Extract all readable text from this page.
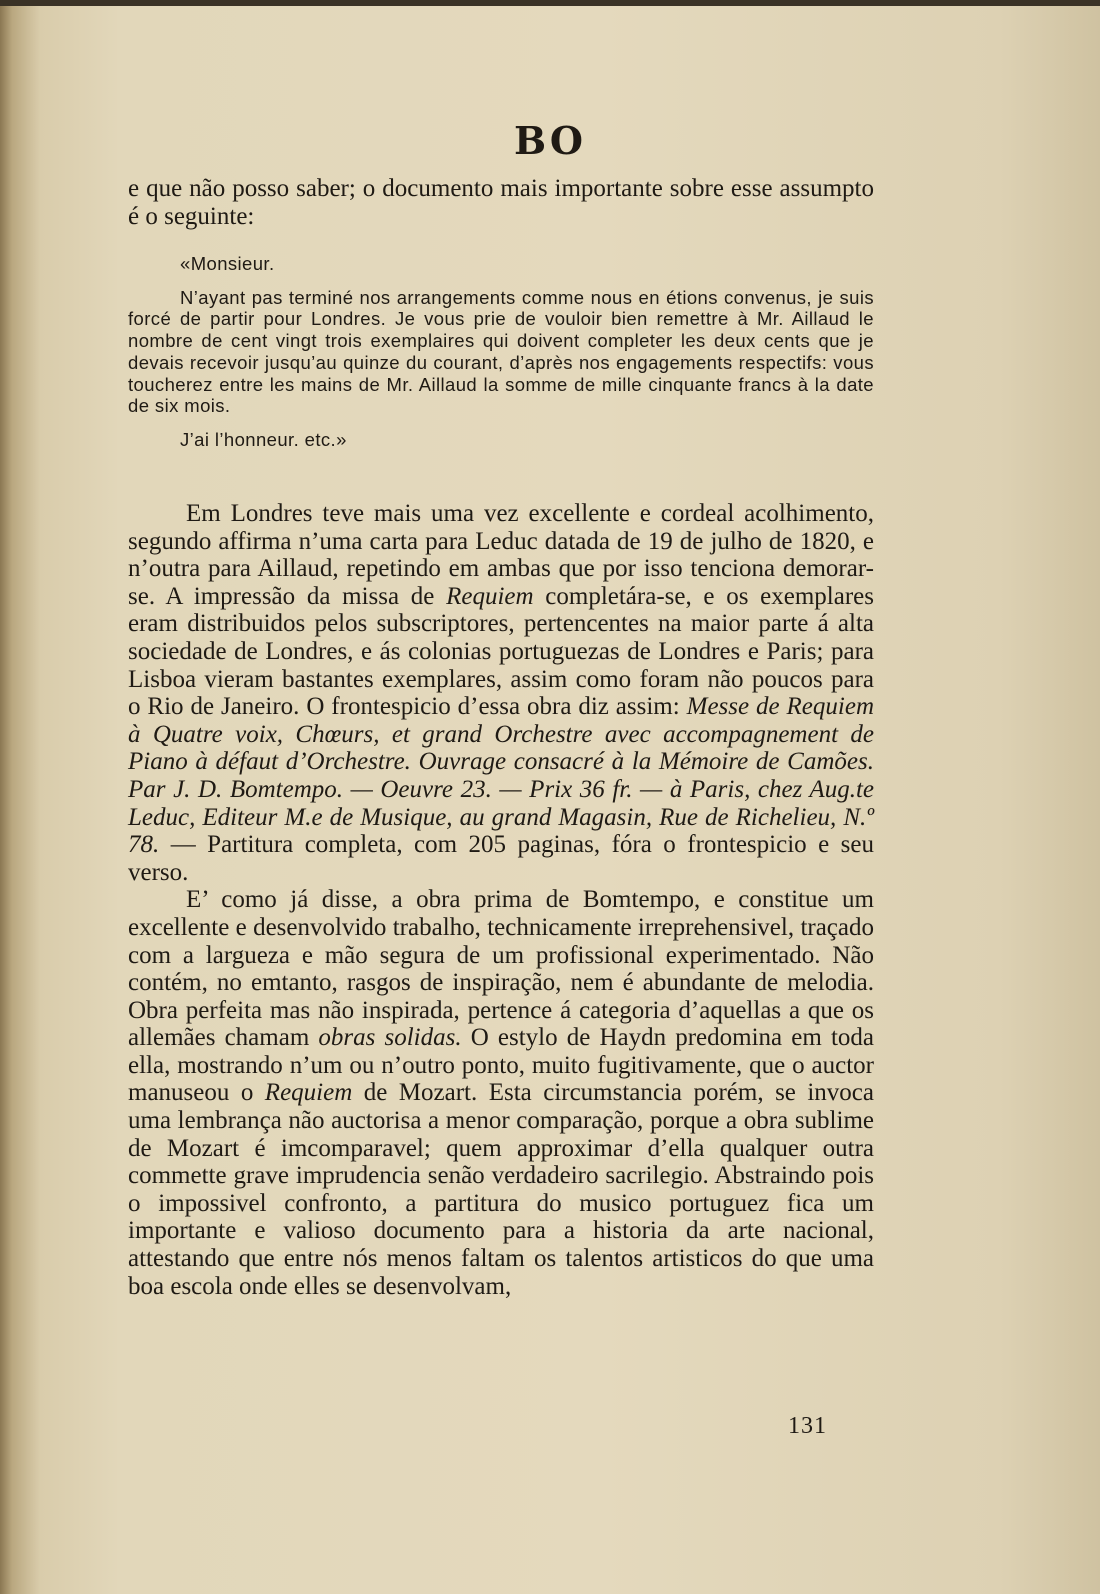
BO

e que não posso saber; o documento mais importante sobre esse assumpto é o seguinte:

«Monsieur.

N’ayant pas terminé nos arrangements comme nous en étions convenus, je suis forcé de partir pour Londres. Je vous prie de vouloir bien remettre à Mr. Aillaud le nombre de cent vingt trois exemplaires qui doivent completer les deux cents que je devais recevoir jusqu’au quinze du courant, d’après nos engagements respectifs: vous toucherez entre les mains de Mr. Aillaud la somme de mille cinquante francs à la date de six mois.

J’ai l’honneur. etc.»

Em Londres teve mais uma vez excellente e cordeal acolhimento, segundo affirma n’uma carta para Leduc datada de 19 de julho de 1820, e n’outra para Aillaud, repetindo em ambas que por isso tenciona demorar-se. A impressão da missa de Requiem completára-se, e os exemplares eram distribuidos pelos subscriptores, pertencentes na maior parte á alta sociedade de Londres, e ás colonias portuguezas de Londres e Paris; para Lisboa vieram bastantes exemplares, assim como foram não poucos para o Rio de Janeiro. O frontespicio d’essa obra diz assim: Messe de Requiem à Quatre voix, Chœurs, et grand Orchestre avec accompagnement de Piano à défaut d’Orchestre. Ouvrage consacré à la Mémoire de Camões. Par J. D. Bomtempo. — Oeuvre 23. — Prix 36 fr. — à Paris, chez Aug.te Leduc, Editeur M.e de Musique, au grand Magasin, Rue de Richelieu, N.º 78. — Partitura completa, com 205 paginas, fóra o frontespicio e seu verso.

E’ como já disse, a obra prima de Bomtempo, e constitue um excellente e desenvolvido trabalho, technicamente irreprehensivel, traçado com a largueza e mão segura de um profissional experimentado. Não contém, no emtanto, rasgos de inspiração, nem é abundante de melodia. Obra perfeita mas não inspirada, pertence á categoria d’aquellas a que os allemães chamam obras solidas. O estylo de Haydn predomina em toda ella, mostrando n’um ou n’outro ponto, muito fugitivamente, que o auctor manuseou o Requiem de Mozart. Esta circumstancia porém, se invoca uma lembrança não auctorisa a menor comparação, porque a obra sublime de Mozart é imcomparavel; quem approximar d’ella qualquer outra commette grave imprudencia senão verdadeiro sacrilegio. Abstraindo pois o impossivel confronto, a partitura do musico portuguez fica um importante e valioso documento para a historia da arte nacional, attestando que entre nós menos faltam os talentos artisticos do que uma boa escola onde elles se desenvolvam,

131
